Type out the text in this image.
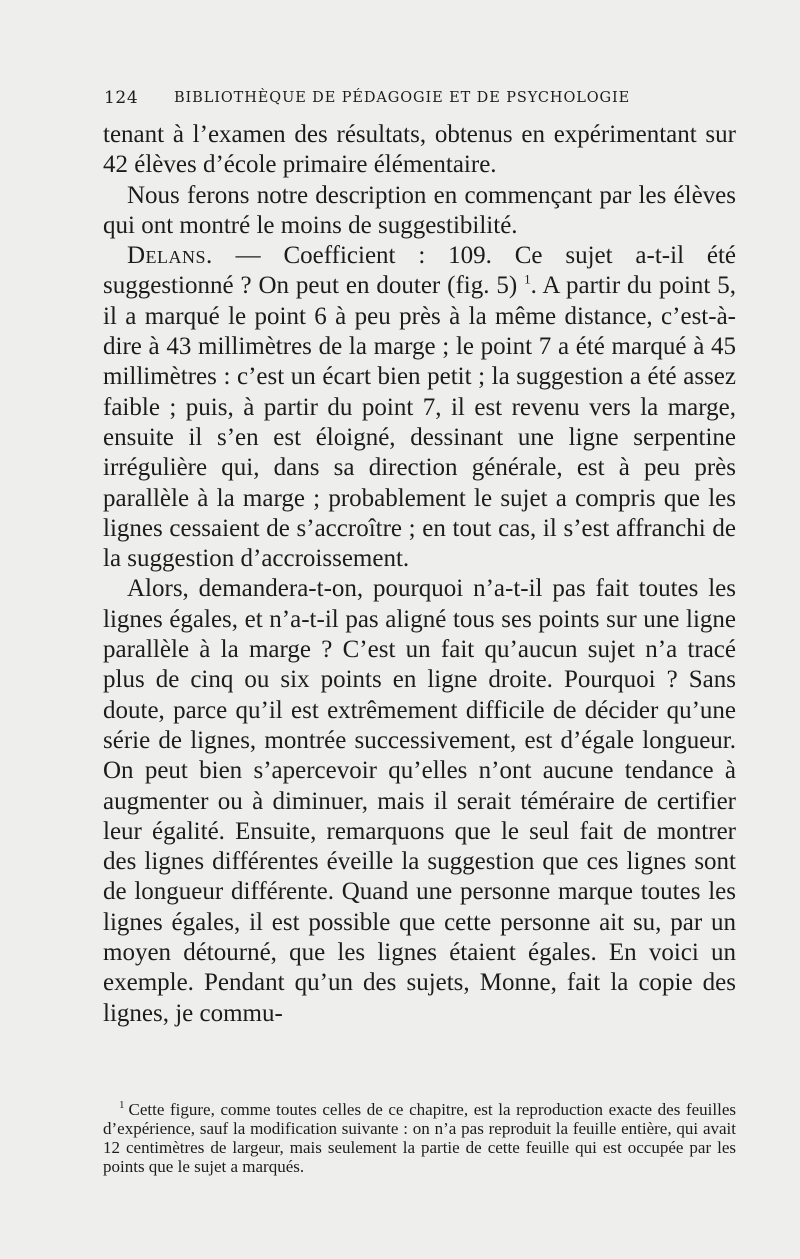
124 BIBLIOTHÈQUE DE PÉDAGOGIE ET DE PSYCHOLOGIE

tenant à l’examen des résultats, obtenus en expérimentant sur 42 élèves d’école primaire élémentaire.

Nous ferons notre description en commençant par les élèves qui ont montré le moins de suggestibilité.

Delans. — Coefficient : 109. Ce sujet a-t-il été suggestionné ? On peut en douter (fig. 5) $^1$. A partir du point 5, il a marqué le point 6 à peu près à la même distance, c’est-à-dire à 43 millimètres de la marge ; le point 7 a été marqué à 45 millimètres : c’est un écart bien petit ; la suggestion a été assez faible ; puis, à partir du point 7, il est revenu vers la marge, ensuite il s’en est éloigné, dessinant une ligne serpentine irrégulière qui, dans sa direction générale, est à peu près parallèle à la marge ; probablement le sujet a compris que les lignes cessaient de s’accroître ; en tout cas, il s’est affranchi de la suggestion d’accroissement.

Alors, demandera-t-on, pourquoi n’a-t-il pas fait toutes les lignes égales, et n’a-t-il pas aligné tous ses points sur une ligne parallèle à la marge ? C’est un fait qu’aucun sujet n’a tracé plus de cinq ou six points en ligne droite. Pourquoi ? Sans doute, parce qu’il est extrêmement difficile de décider qu’une série de lignes, montrée successivement, est d’égale longueur. On peut bien s’apercevoir qu’elles n’ont aucune tendance à augmenter ou à diminuer, mais il serait téméraire de certifier leur égalité. Ensuite, remarquons que le seul fait de montrer des lignes différentes éveille la suggestion que ces lignes sont de longueur différente. Quand une personne marque toutes les lignes égales, il est possible que cette personne ait su, par un moyen détourné, que les lignes étaient égales. En voici un exemple. Pendant qu’un des sujets, Monne, fait la copie des lignes, je commu-

$^1$ Cette figure, comme toutes celles de ce chapitre, est la reproduction exacte des feuilles d’expérience, sauf la modification suivante : on n’a pas reproduit la feuille entière, qui avait 12 centimètres de largeur, mais seulement la partie de cette feuille qui est occupée par les points que le sujet a marqués.
